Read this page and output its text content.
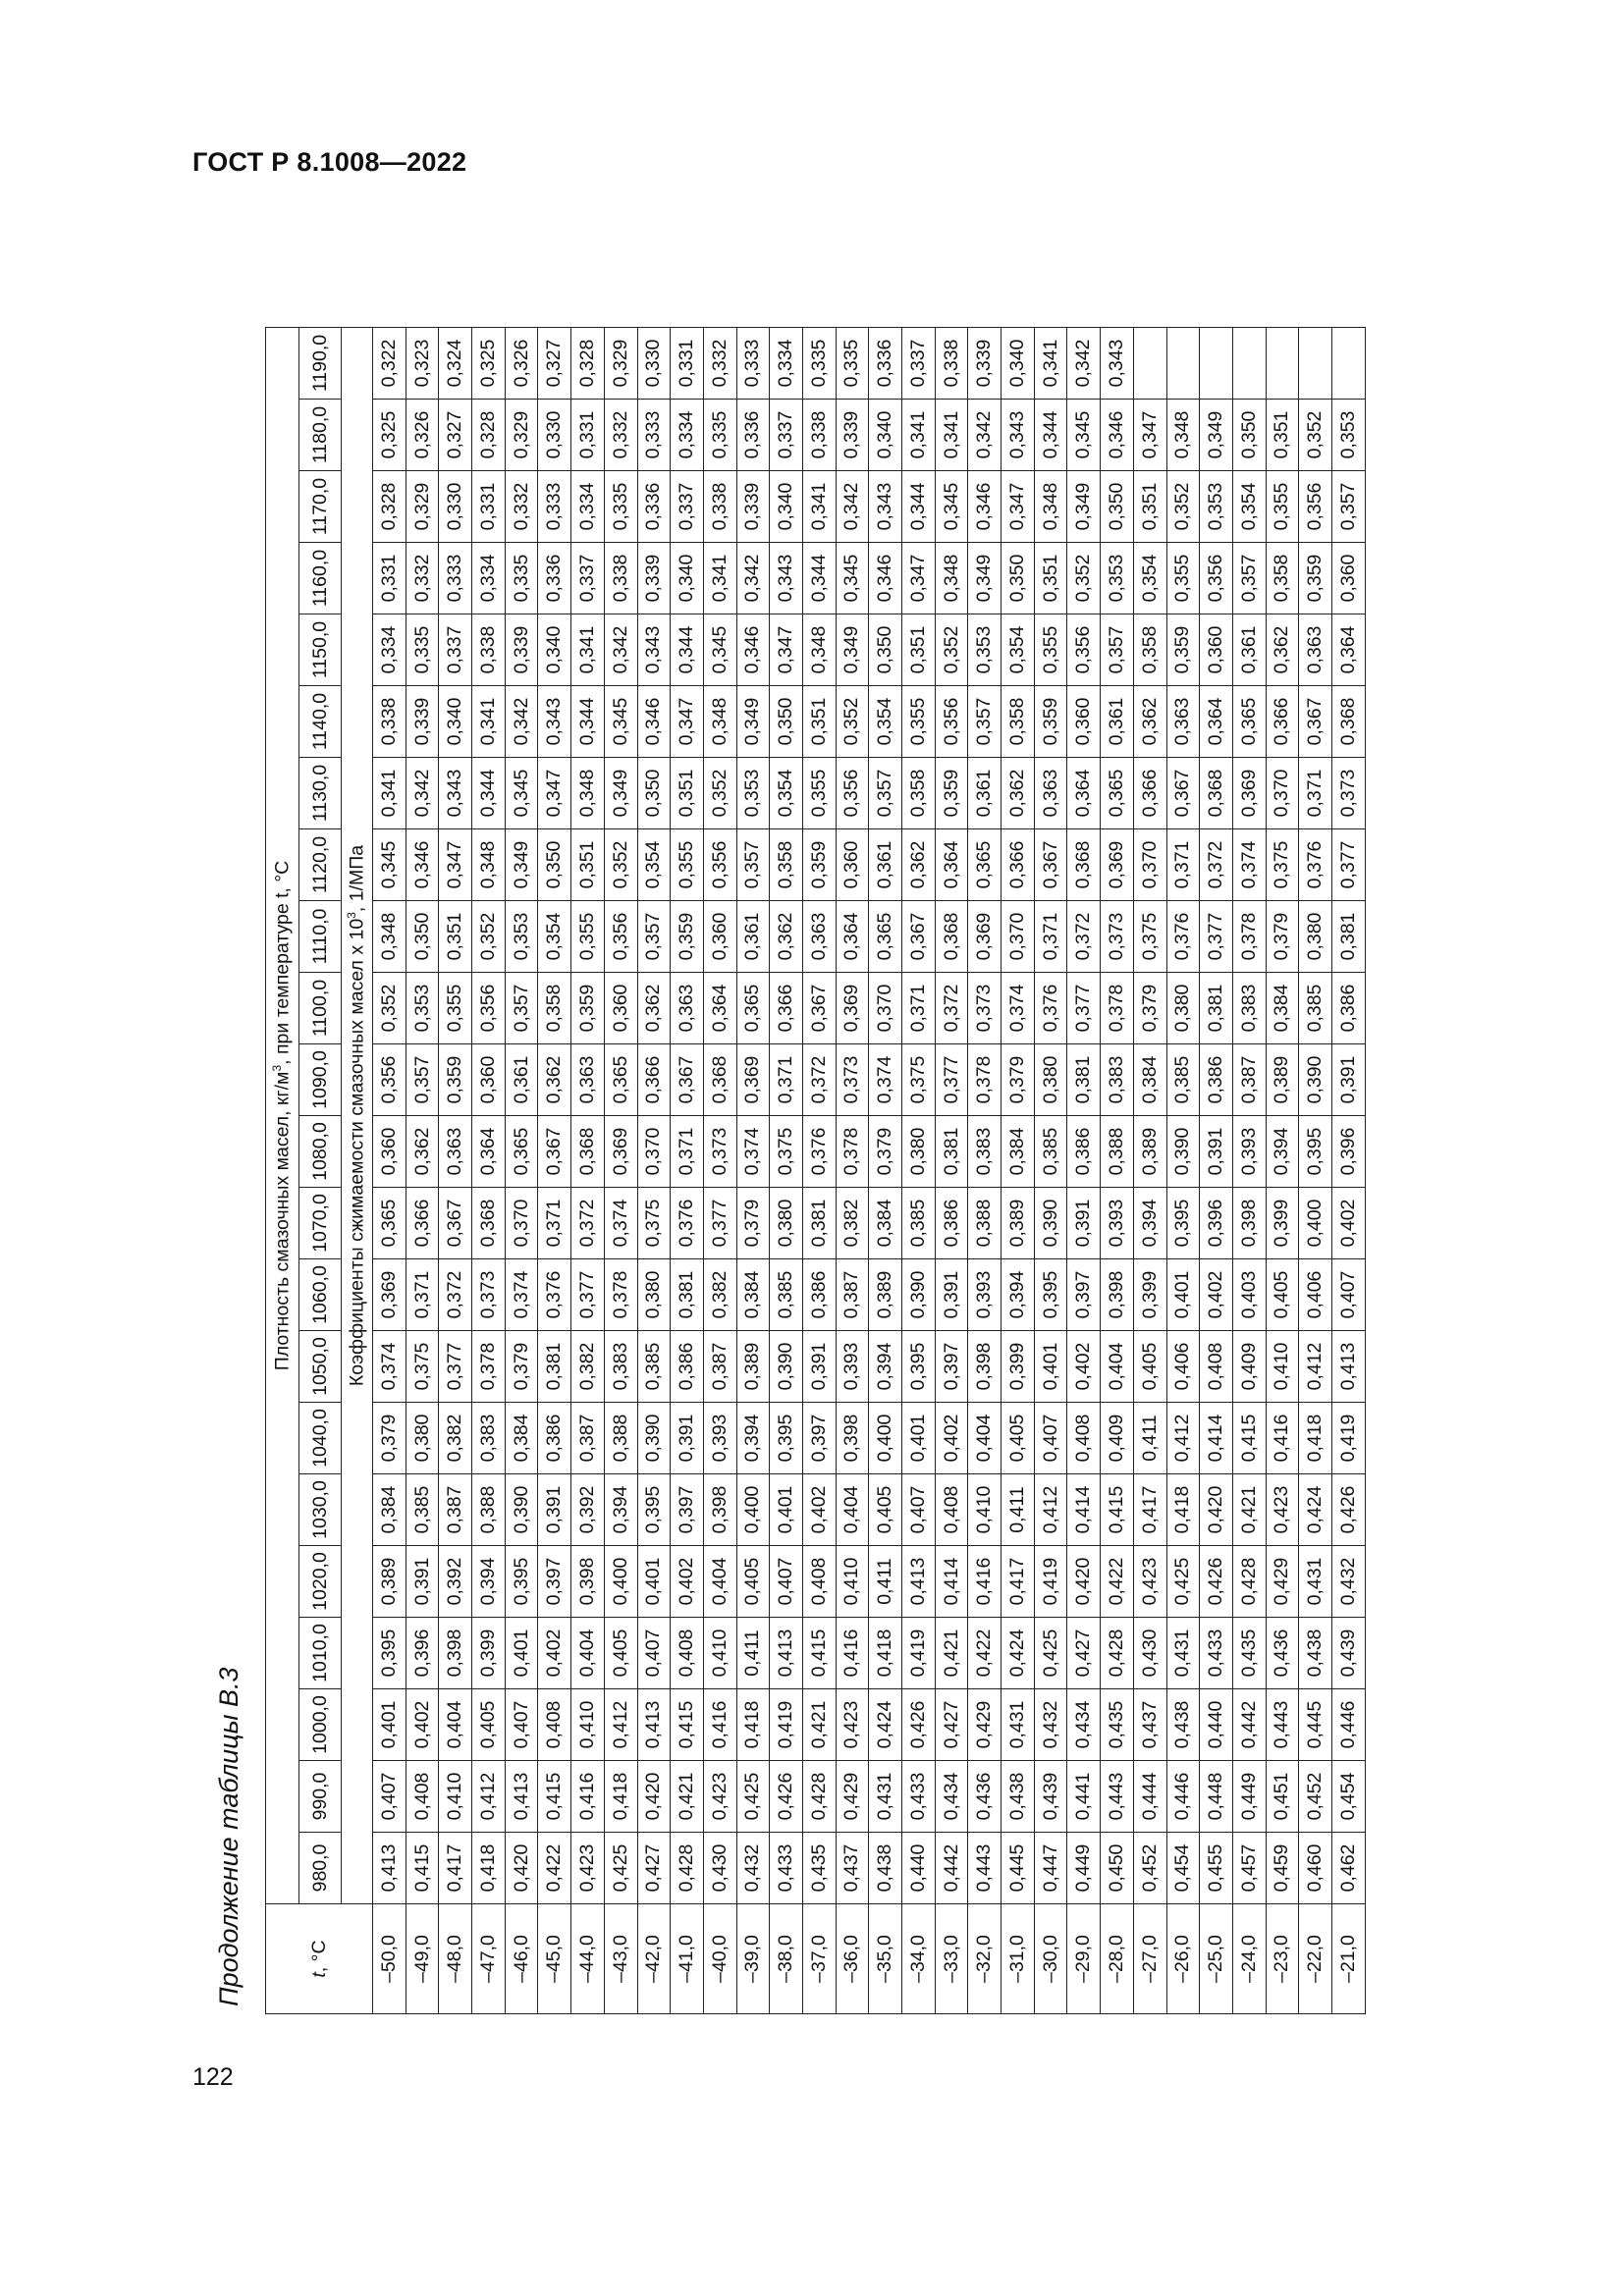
ГОСТ Р 8.1008—2022
122
Продолжение таблицы В.3	t, °C	Плотность смазочных масел, $кг/м^3$, при температуре t, °C																					
	980,0	990,0	1000,0	1010,0	1020,0	1030,0	1040,0	1050,0	1060,0	1070,0	1080,0	1090,0	1100,0	1110,0	1120,0	1130,0	1140,0	1150,0	1160,0	1170,0	1180,0	1190,0
	Коэффициенты сжимаемости смазочных масел х $10^3$, 1/МПа																					
–50,0	0,413	0,407	0,401	0,395	0,389	0,384	0,379	0,374	0,369	0,365	0,360	0,356	0,352	0,348	0,345	0,341	0,338	0,334	0,331	0,328	0,325	0,322
–49,0	0,415	0,408	0,402	0,396	0,391	0,385	0,380	0,375	0,371	0,366	0,362	0,357	0,353	0,350	0,346	0,342	0,339	0,335	0,332	0,329	0,326	0,323
–48,0	0,417	0,410	0,404	0,398	0,392	0,387	0,382	0,377	0,372	0,367	0,363	0,359	0,355	0,351	0,347	0,343	0,340	0,337	0,333	0,330	0,327	0,324
–47,0	0,418	0,412	0,405	0,399	0,394	0,388	0,383	0,378	0,373	0,368	0,364	0,360	0,356	0,352	0,348	0,344	0,341	0,338	0,334	0,331	0,328	0,325
–46,0	0,420	0,413	0,407	0,401	0,395	0,390	0,384	0,379	0,374	0,370	0,365	0,361	0,357	0,353	0,349	0,345	0,342	0,339	0,335	0,332	0,329	0,326
–45,0	0,422	0,415	0,408	0,402	0,397	0,391	0,386	0,381	0,376	0,371	0,367	0,362	0,358	0,354	0,350	0,347	0,343	0,340	0,336	0,333	0,330	0,327
–44,0	0,423	0,416	0,410	0,404	0,398	0,392	0,387	0,382	0,377	0,372	0,368	0,363	0,359	0,355	0,351	0,348	0,344	0,341	0,337	0,334	0,331	0,328
–43,0	0,425	0,418	0,412	0,405	0,400	0,394	0,388	0,383	0,378	0,374	0,369	0,365	0,360	0,356	0,352	0,349	0,345	0,342	0,338	0,335	0,332	0,329
–42,0	0,427	0,420	0,413	0,407	0,401	0,395	0,390	0,385	0,380	0,375	0,370	0,366	0,362	0,357	0,354	0,350	0,346	0,343	0,339	0,336	0,333	0,330
–41,0	0,428	0,421	0,415	0,408	0,402	0,397	0,391	0,386	0,381	0,376	0,371	0,367	0,363	0,359	0,355	0,351	0,347	0,344	0,340	0,337	0,334	0,331
–40,0	0,430	0,423	0,416	0,410	0,404	0,398	0,393	0,387	0,382	0,377	0,373	0,368	0,364	0,360	0,356	0,352	0,348	0,345	0,341	0,338	0,335	0,332
–39,0	0,432	0,425	0,418	0,411	0,405	0,400	0,394	0,389	0,384	0,379	0,374	0,369	0,365	0,361	0,357	0,353	0,349	0,346	0,342	0,339	0,336	0,333
–38,0	0,433	0,426	0,419	0,413	0,407	0,401	0,395	0,390	0,385	0,380	0,375	0,371	0,366	0,362	0,358	0,354	0,350	0,347	0,343	0,340	0,337	0,334
–37,0	0,435	0,428	0,421	0,415	0,408	0,402	0,397	0,391	0,386	0,381	0,376	0,372	0,367	0,363	0,359	0,355	0,351	0,348	0,344	0,341	0,338	0,335
–36,0	0,437	0,429	0,423	0,416	0,410	0,404	0,398	0,393	0,387	0,382	0,378	0,373	0,369	0,364	0,360	0,356	0,352	0,349	0,345	0,342	0,339	0,335
–35,0	0,438	0,431	0,424	0,418	0,411	0,405	0,400	0,394	0,389	0,384	0,379	0,374	0,370	0,365	0,361	0,357	0,354	0,350	0,346	0,343	0,340	0,336
–34,0	0,440	0,433	0,426	0,419	0,413	0,407	0,401	0,395	0,390	0,385	0,380	0,375	0,371	0,367	0,362	0,358	0,355	0,351	0,347	0,344	0,341	0,337
–33,0	0,442	0,434	0,427	0,421	0,414	0,408	0,402	0,397	0,391	0,386	0,381	0,377	0,372	0,368	0,364	0,359	0,356	0,352	0,348	0,345	0,341	0,338
–32,0	0,443	0,436	0,429	0,422	0,416	0,410	0,404	0,398	0,393	0,388	0,383	0,378	0,373	0,369	0,365	0,361	0,357	0,353	0,349	0,346	0,342	0,339
–31,0	0,445	0,438	0,431	0,424	0,417	0,411	0,405	0,399	0,394	0,389	0,384	0,379	0,374	0,370	0,366	0,362	0,358	0,354	0,350	0,347	0,343	0,340
–30,0	0,447	0,439	0,432	0,425	0,419	0,412	0,407	0,401	0,395	0,390	0,385	0,380	0,376	0,371	0,367	0,363	0,359	0,355	0,351	0,348	0,344	0,341
–29,0	0,449	0,441	0,434	0,427	0,420	0,414	0,408	0,402	0,397	0,391	0,386	0,381	0,377	0,372	0,368	0,364	0,360	0,356	0,352	0,349	0,345	0,342
–28,0	0,450	0,443	0,435	0,428	0,422	0,415	0,409	0,404	0,398	0,393	0,388	0,383	0,378	0,373	0,369	0,365	0,361	0,357	0,353	0,350	0,346	0,343
–27,0	0,452	0,444	0,437	0,430	0,423	0,417	0,411	0,405	0,399	0,394	0,389	0,384	0,379	0,375	0,370	0,366	0,362	0,358	0,354	0,351	0,347	
–26,0	0,454	0,446	0,438	0,431	0,425	0,418	0,412	0,406	0,401	0,395	0,390	0,385	0,380	0,376	0,371	0,367	0,363	0,359	0,355	0,352	0,348	
–25,0	0,455	0,448	0,440	0,433	0,426	0,420	0,414	0,408	0,402	0,396	0,391	0,386	0,381	0,377	0,372	0,368	0,364	0,360	0,356	0,353	0,349	
–24,0	0,457	0,449	0,442	0,435	0,428	0,421	0,415	0,409	0,403	0,398	0,393	0,387	0,383	0,378	0,374	0,369	0,365	0,361	0,357	0,354	0,350	
–23,0	0,459	0,451	0,443	0,436	0,429	0,423	0,416	0,410	0,405	0,399	0,394	0,389	0,384	0,379	0,375	0,370	0,366	0,362	0,358	0,355	0,351	
–22,0	0,460	0,452	0,445	0,438	0,431	0,424	0,418	0,412	0,406	0,400	0,395	0,390	0,385	0,380	0,376	0,371	0,367	0,363	0,359	0,356	0,352	
–21,0	0,462	0,454	0,446	0,439	0,432	0,426	0,419	0,413	0,407	0,402	0,396	0,391	0,386	0,381	0,377	0,373	0,368	0,364	0,360	0,357	0,353	
